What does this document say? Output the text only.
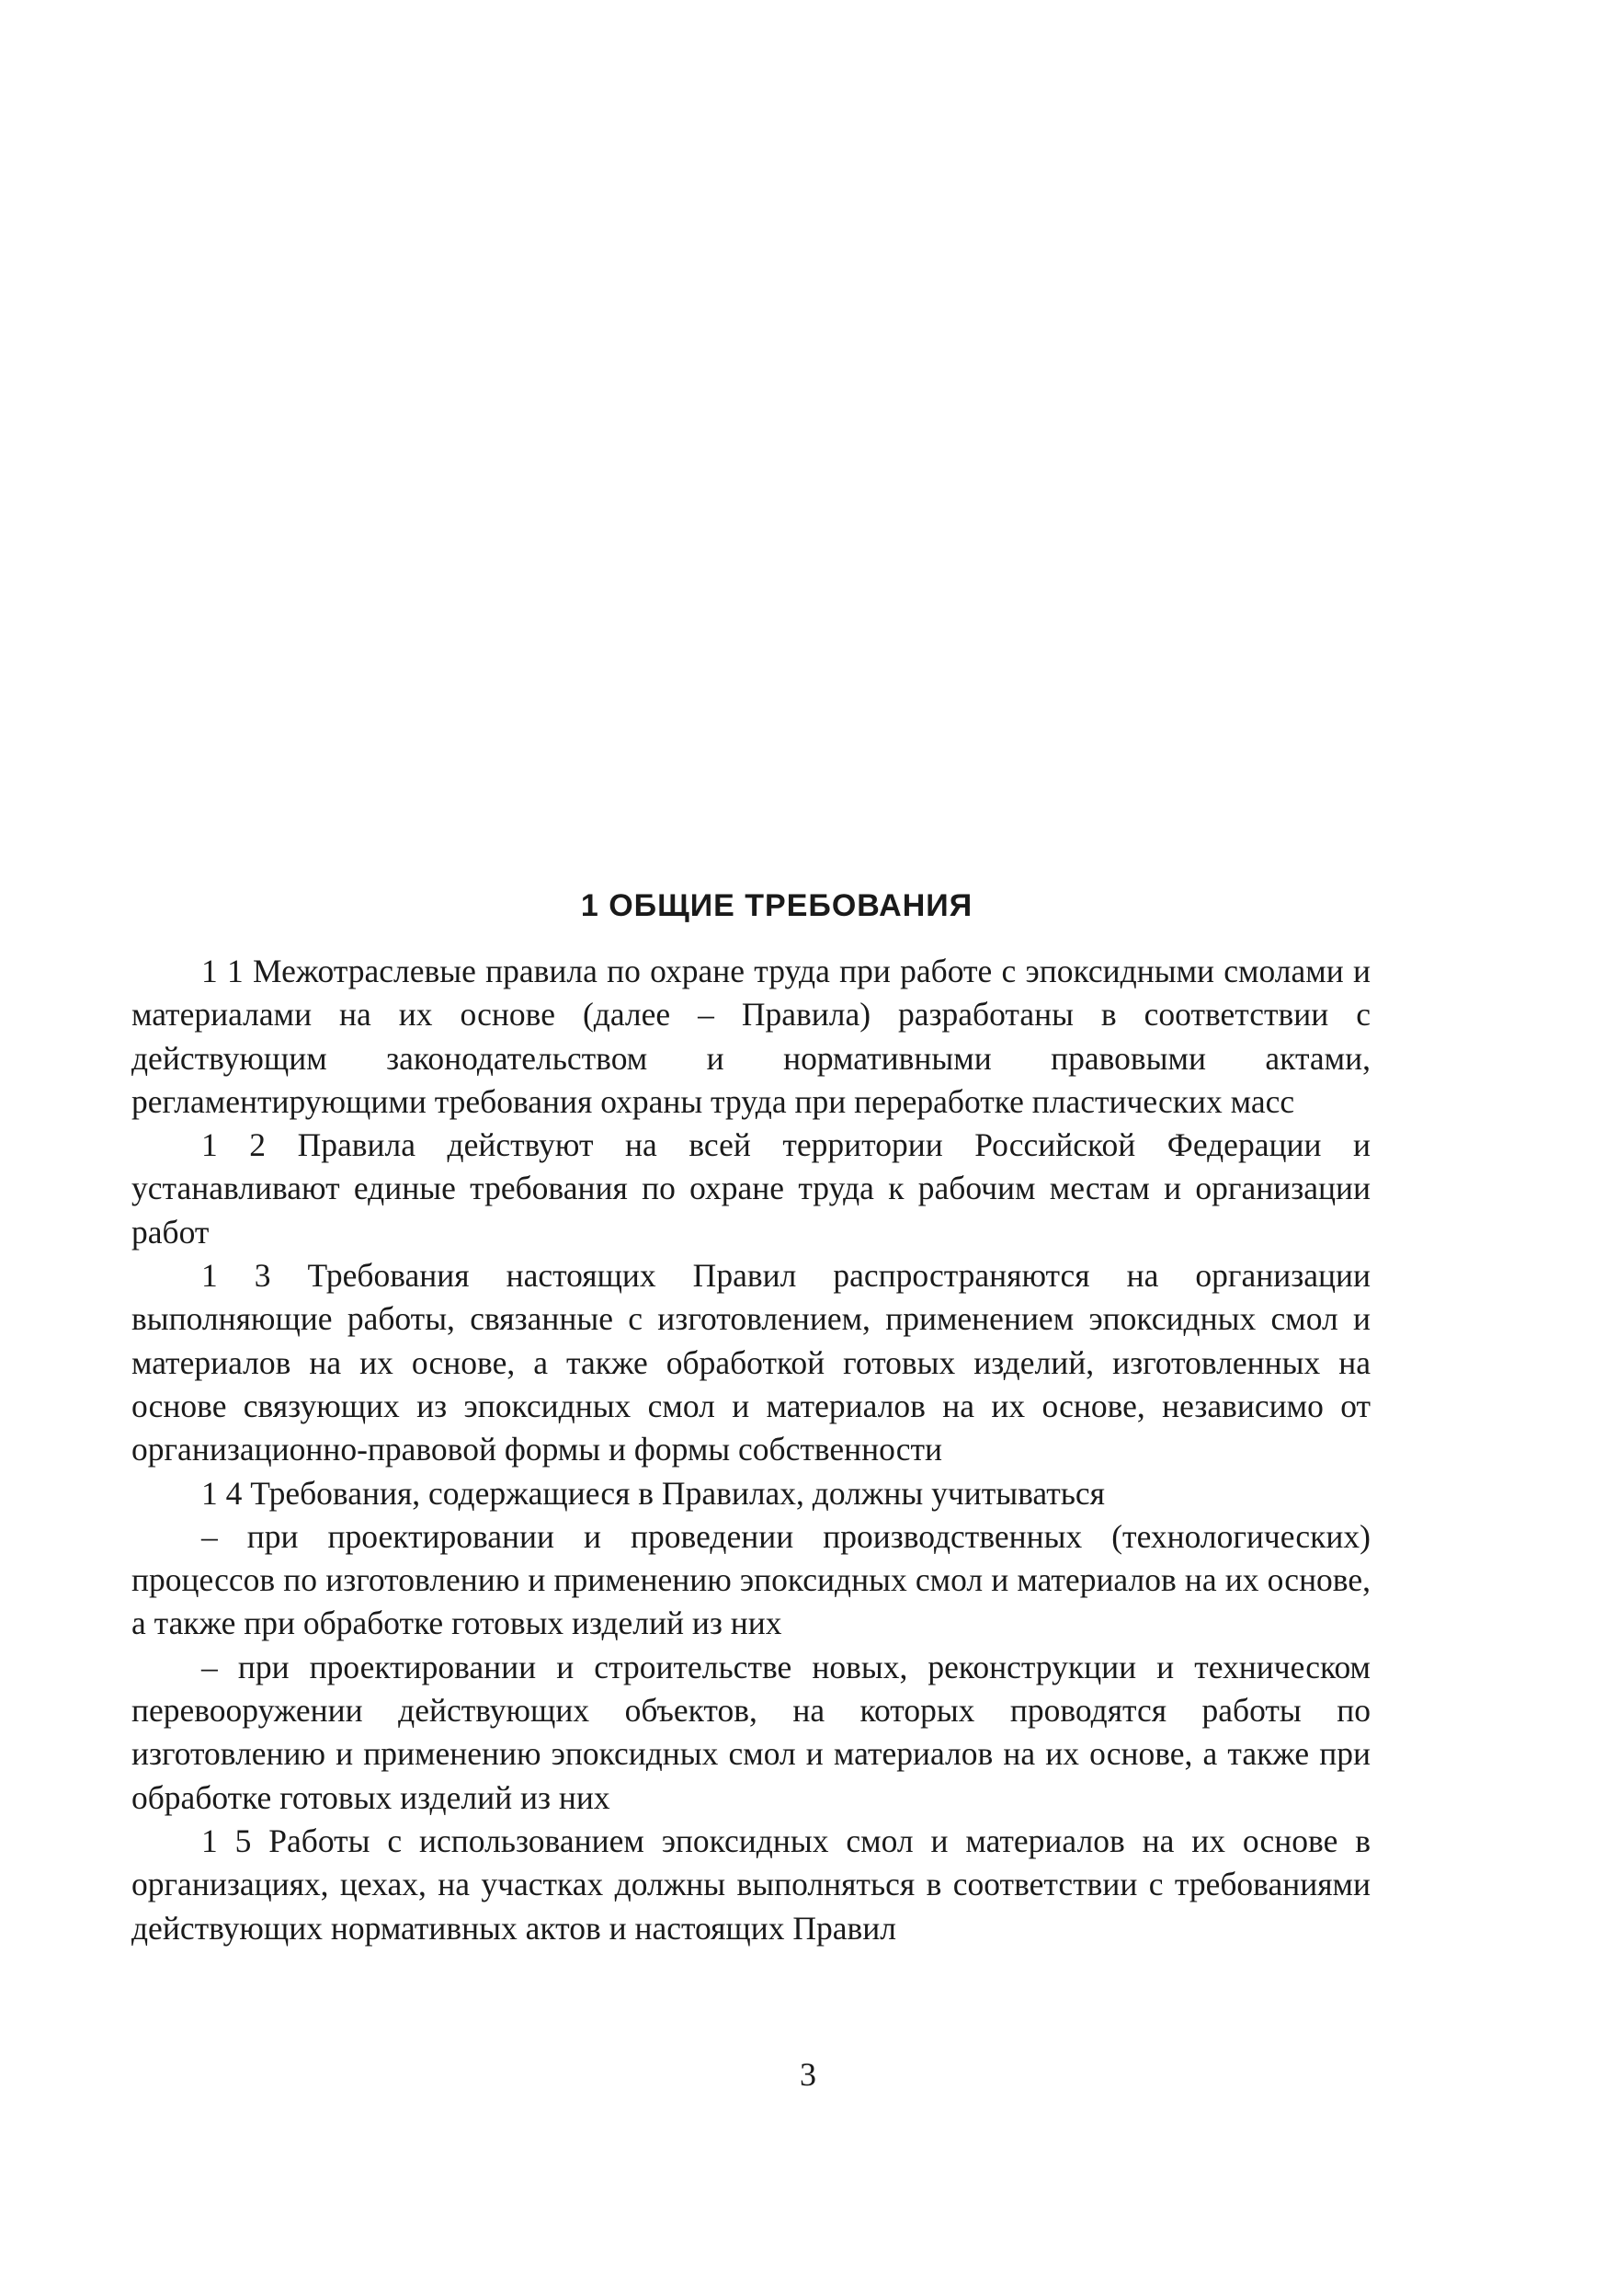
1 ОБЩИЕ ТРЕБОВАНИЯ

1 1 Межотраслевые правила по охране труда при работе с эпоксидными смолами и материалами на их основе (далее – Правила) разработаны в соответствии с действующим законодательством и нормативными правовыми актами, регламентирующими требования охраны труда при переработке пластических масс

1 2 Правила действуют на всей территории Российской Федерации и устанавливают единые требования по охране труда к рабочим местам и организации работ

1 3 Требования настоящих Правил распространяются на организации выполняющие работы, связанные с изготовлением, применением эпоксидных смол и материалов на их основе, а также обработкой готовых изделий, изготовленных на основе связующих из эпоксидных смол и материалов на их основе, независимо от организационно-правовой формы и формы собственности

1 4 Требования, содержащиеся в Правилах, должны учитываться

– при проектировании и проведении производственных (технологических) процессов по изготовлению и применению эпоксидных смол и материалов на их основе, а также при обработке готовых изделий из них

– при проектировании и строительстве новых, реконструкции и техническом перевооружении действующих объектов, на которых проводятся работы по изготовлению и применению эпоксидных смол и материалов на их основе, а также при обработке готовых изделий из них

1 5 Работы с использованием эпоксидных смол и материалов на их основе в организациях, цехах, на участках должны выполняться в соответствии с требованиями действующих нормативных актов и настоящих Правил

3
